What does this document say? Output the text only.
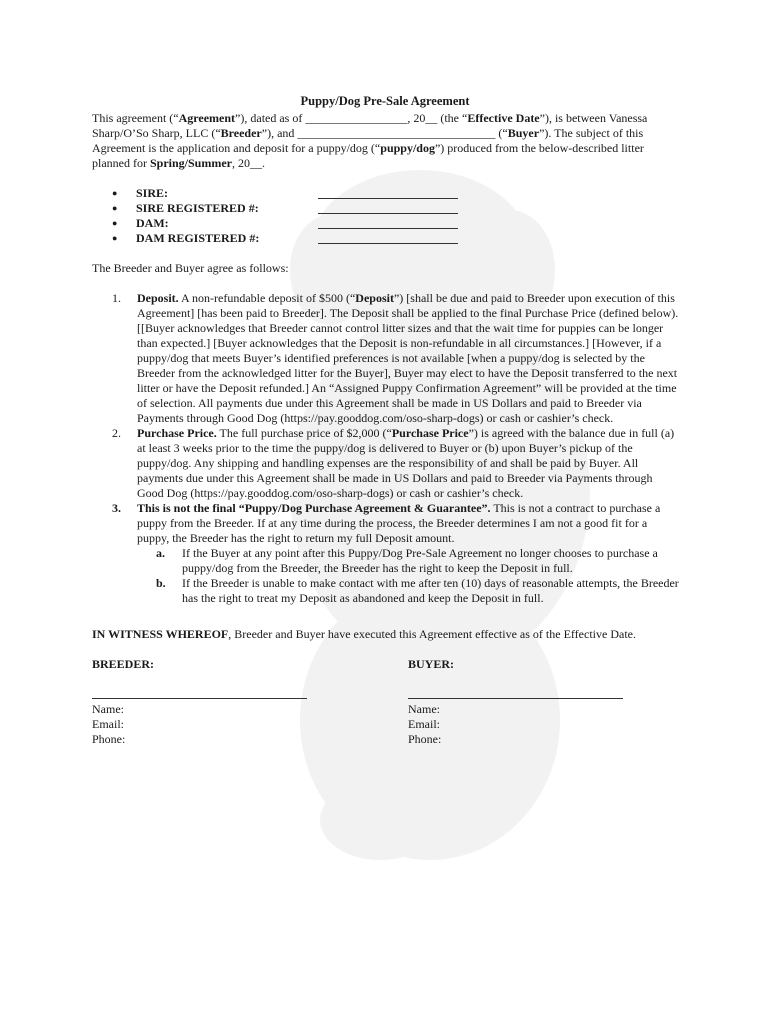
Puppy/Dog Pre-Sale Agreement
This agreement (“Agreement”), dated as of _________________, 20__ (the “Effective Date”), is between Vanessa Sharp/O’So Sharp, LLC (“Breeder”), and _________________________________ (“Buyer”). The subject of this Agreement is the application and deposit for a puppy/dog (“puppy/dog”) produced from the below-described litter planned for Spring/Summer, 20__.
●	SIRE:
●	SIRE REGISTERED #:
●	DAM:
●	DAM REGISTERED #:
The Breeder and Buyer agree as follows:
1.	Deposit. A non-refundable deposit of $500 (“Deposit”) [shall be due and paid to Breeder upon execution of this Agreement] [has been paid to Breeder]. The Deposit shall be applied to the final Purchase Price (defined below). [[Buyer acknowledges that Breeder cannot control litter sizes and that the wait time for puppies can be longer than expected.] [Buyer acknowledges that the Deposit is non-refundable in all circumstances.] [However, if a puppy/dog that meets Buyer’s identified preferences is not available [when a puppy/dog is selected by the Breeder from the acknowledged litter for the Buyer], Buyer may elect to have the Deposit transferred to the next litter or have the Deposit refunded.] An “Assigned Puppy Confirmation Agreement” will be provided at the time of selection. All payments due under this Agreement shall be made in US Dollars and paid to Breeder via Payments through Good Dog (https://pay.gooddog.com/oso-sharp-dogs) or cash or cashier’s check.
2.	Purchase Price. The full purchase price of $2,000 (“Purchase Price”) is agreed with the balance due in full (a) at least 3 weeks prior to the time the puppy/dog is delivered to Buyer or (b) upon Buyer’s pickup of the puppy/dog. Any shipping and handling expenses are the responsibility of and shall be paid by Buyer. All payments due under this Agreement shall be made in US Dollars and paid to Breeder via Payments through Good Dog (https://pay.gooddog.com/oso-sharp-dogs) or cash or cashier’s check.
3.	This is not the final “Puppy/Dog Purchase Agreement & Guarantee”. This is not a contract to purchase a puppy from the Breeder. If at any time during the process, the Breeder determines I am not a good fit for a puppy, the Breeder has the right to return my full Deposit amount.
a.	If the Buyer at any point after this Puppy/Dog Pre-Sale Agreement no longer chooses to purchase a puppy/dog from the Breeder, the Breeder has the right to keep the Deposit in full.
b.	If the Breeder is unable to make contact with me after ten (10) days of reasonable attempts, the Breeder has the right to treat my Deposit as abandoned and keep the Deposit in full.
IN WITNESS WHEREOF, Breeder and Buyer have executed this Agreement effective as of the Effective Date.
BREEDER:
Name:
Email:
Phone:
BUYER:
Name:
Email:
Phone:
